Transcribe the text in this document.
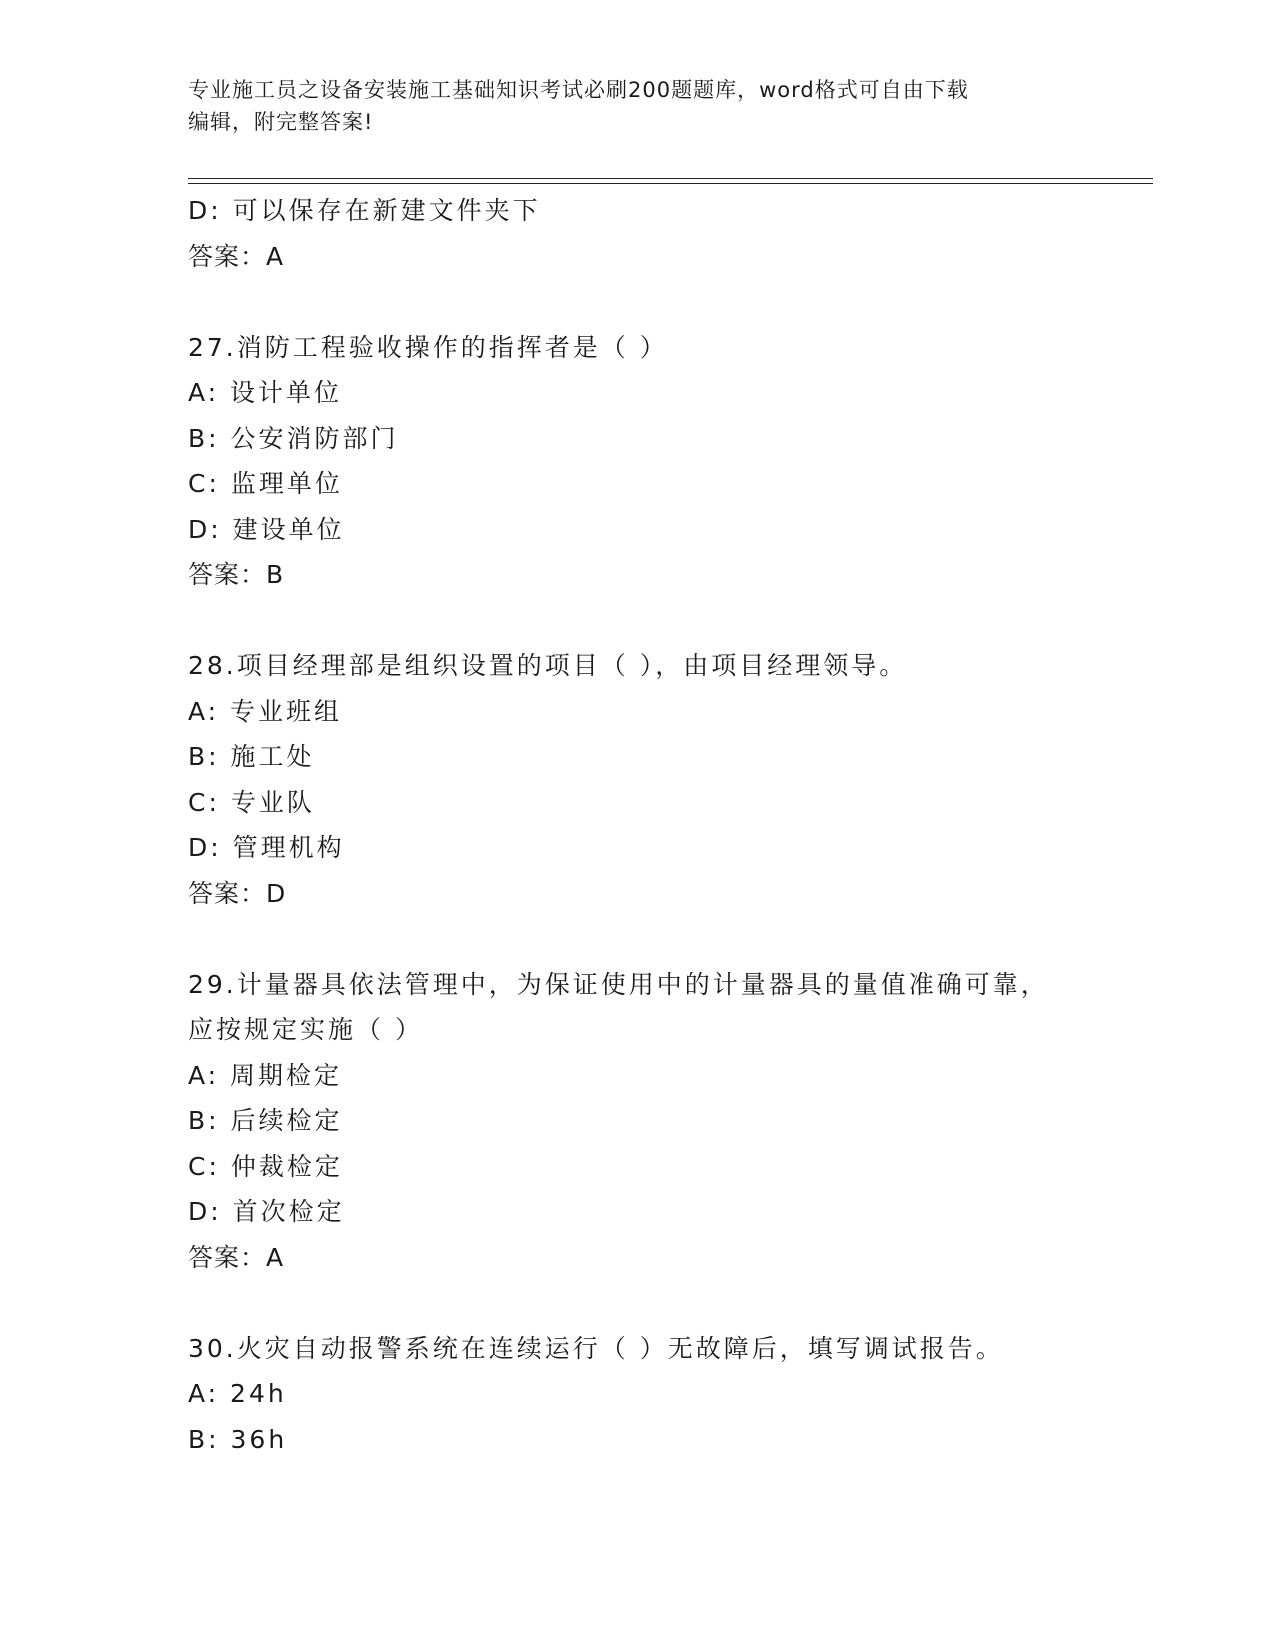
专业施工员之设备安装施工基础知识考试必刷200题题库，word格式可自由下载
编辑，附完整答案!
D: 可以保存在新建文件夹下
答案：A
27.消防工程验收操作的指挥者是（ ）
A: 设计单位
B: 公安消防部门
C: 监理单位
D: 建设单位
答案：B
28.项目经理部是组织设置的项目（ ），由项目经理领导。
A: 专业班组
B: 施工处
C: 专业队
D: 管理机构
答案：D
29.计量器具依法管理中，为保证使用中的计量器具的量值准确可靠，
应按规定实施（ ）
A: 周期检定
B: 后续检定
C: 仲裁检定
D: 首次检定
答案：A
30.火灾自动报警系统在连续运行（ ）无故障后，填写调试报告。
A: 24h
B: 36h
